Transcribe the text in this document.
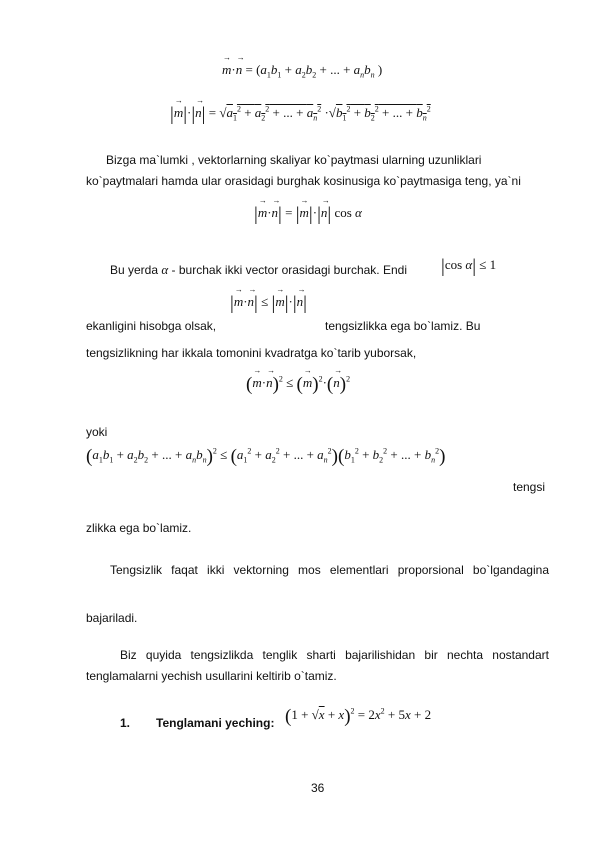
→ $m\cdot\to n = (a_1b_1 + a_2b_2$ + ... + $a_nb_n$ )
|→ $m|\cdot|\to n| = √a_1^2 + a_2^2$ + ... + $a_n^2 \cdot√b_1^2 + b_2^2$ + ... + $b_n^2$
Bizga ma`lumki , vektorlarning skaliyar ko`paytmasi ularning uzunliklari
ko`paytmalari hamda ular orasidagi burghak kosinusiga ko`paytmasiga teng, ya`ni
|→ m·→ n| = |→ m|·|→ n| cos α
Bu yerda α - burchak ikki vector orasidagi burchak. Endi |cos α| ≤ 1
|→ m·→ n| ≤ |→ m|·|→ n|
ekanligini hisobga olsak,	tengsizlikka ega bo`lamiz. Bu
tengsizlikning har ikkala tomonini kvadratga ko`tarib yuborsak,
(→ m·→ n)$^2$ ≤ (→ $m)^2\cdot(\to n)^2$
yoki
($a_1b_1 + a_2b_2$ + ... + $a_nb_n)^2 \le (a_1^2 + a_2^2$ + ... + $a_n^2)(b_1^2 + b_2^2$ + ... + $b_n^2$)
tengsi
zlikka ega bo`lamiz.
Tengsizlik faqat ikki vektorning mos elementlari proporsional bo`lgandagina
bajariladi.
Biz quyida tengsizlikda tenglik sharti bajarilishidan bir nechta nostandart
tenglamalarni yechish usullarini keltirib o`tamiz.
1. Tenglamani yeching: $(1 + √x + x)^2 = 2x^2 + 5x + 2$
36
